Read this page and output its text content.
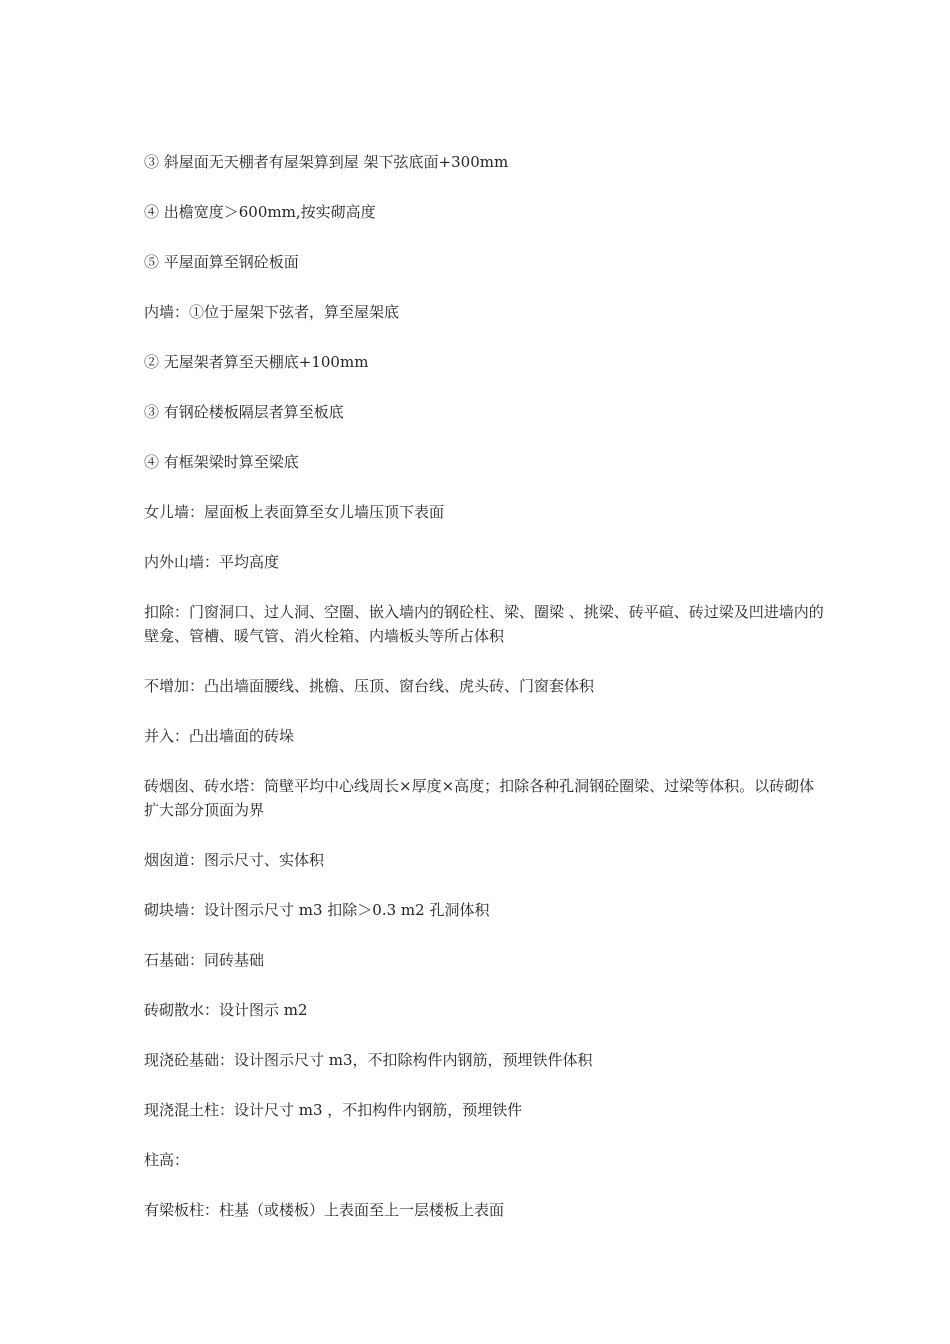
③ 斜屋面无天棚者有屋架算到屋 架下弦底面+300mm

④ 出檐宽度＞600mm,按实砌高度

⑤ 平屋面算至钢砼板面

内墙：①位于屋架下弦者，算至屋架底

② 无屋架者算至天棚底+100mm

③ 有钢砼楼板隔层者算至板底

④ 有框架梁时算至梁底

女儿墙：屋面板上表面算至女儿墙压顶下表面

内外山墙：平均高度

扣除：门窗洞口、过人洞、空圈、嵌入墙内的钢砼柱、梁、圈梁 、挑梁、砖平碹、砖过梁及凹进墙内的壁龛、管槽、暖气管、消火栓箱、内墙板头等所占体积

不增加：凸出墙面腰线、挑檐、压顶、窗台线、虎头砖、门窗套体积

并入：凸出墙面的砖垛

砖烟囱、砖水塔：筒壁平均中心线周长×厚度×高度；扣除各种孔洞钢砼圈梁、过梁等体积。以砖砌体扩大部分顶面为界

烟囱道：图示尺寸、实体积

砌块墙：设计图示尺寸 m3 扣除＞0.3 m2 孔洞体积

石基础：同砖基础

砖砌散水：设计图示 m2

现浇砼基础：设计图示尺寸 m3，不扣除构件内钢筋，预埋铁件体积

现浇混土柱：设计尺寸 m3 ，不扣构件内钢筋，预埋铁件

柱高：

有梁板柱：柱基（或楼板）上表面至上一层楼板上表面
